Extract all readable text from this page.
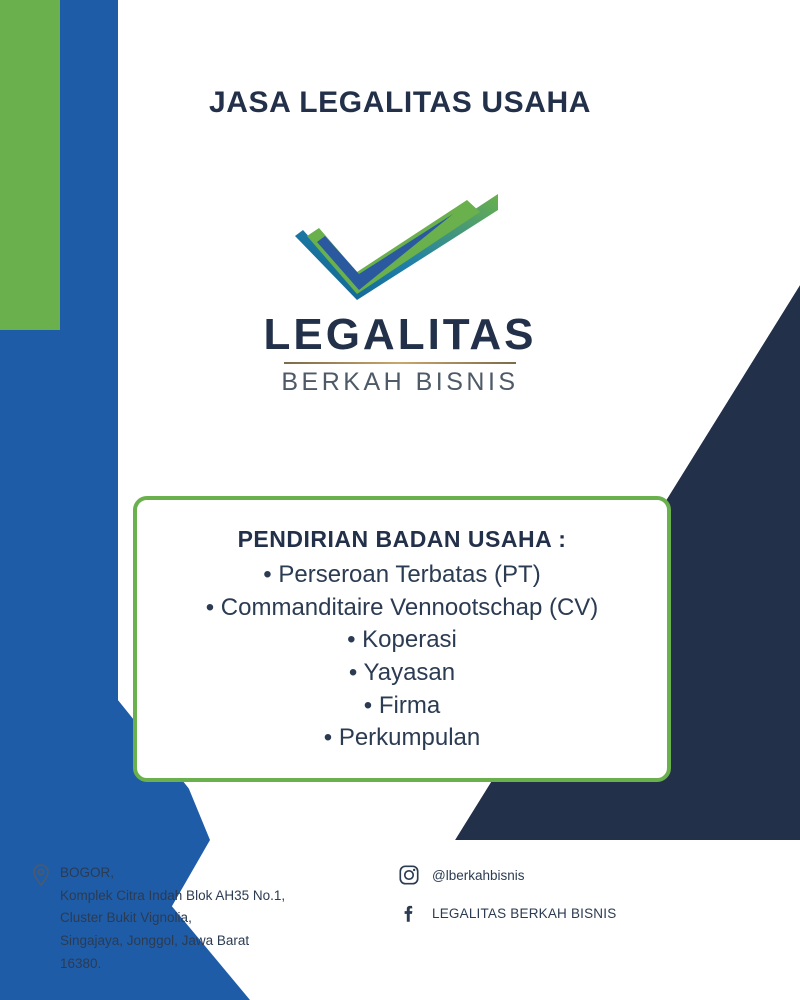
JASA LEGALITAS USAHA
LEGALITAS
BERKAH BISNIS
PENDIRIAN BADAN USAHA :
• Perseroan Terbatas (PT)
• Commanditaire Vennootschap (CV)
• Koperasi
• Yayasan
• Firma
• Perkumpulan
BOGOR,
Komplek Citra Indah Blok AH35 No.1,
Cluster Bukit Vignolia,
Singajaya, Jonggol, Jawa Barat
16380.
@lberkahbisnis
LEGALITAS BERKAH BISNIS
